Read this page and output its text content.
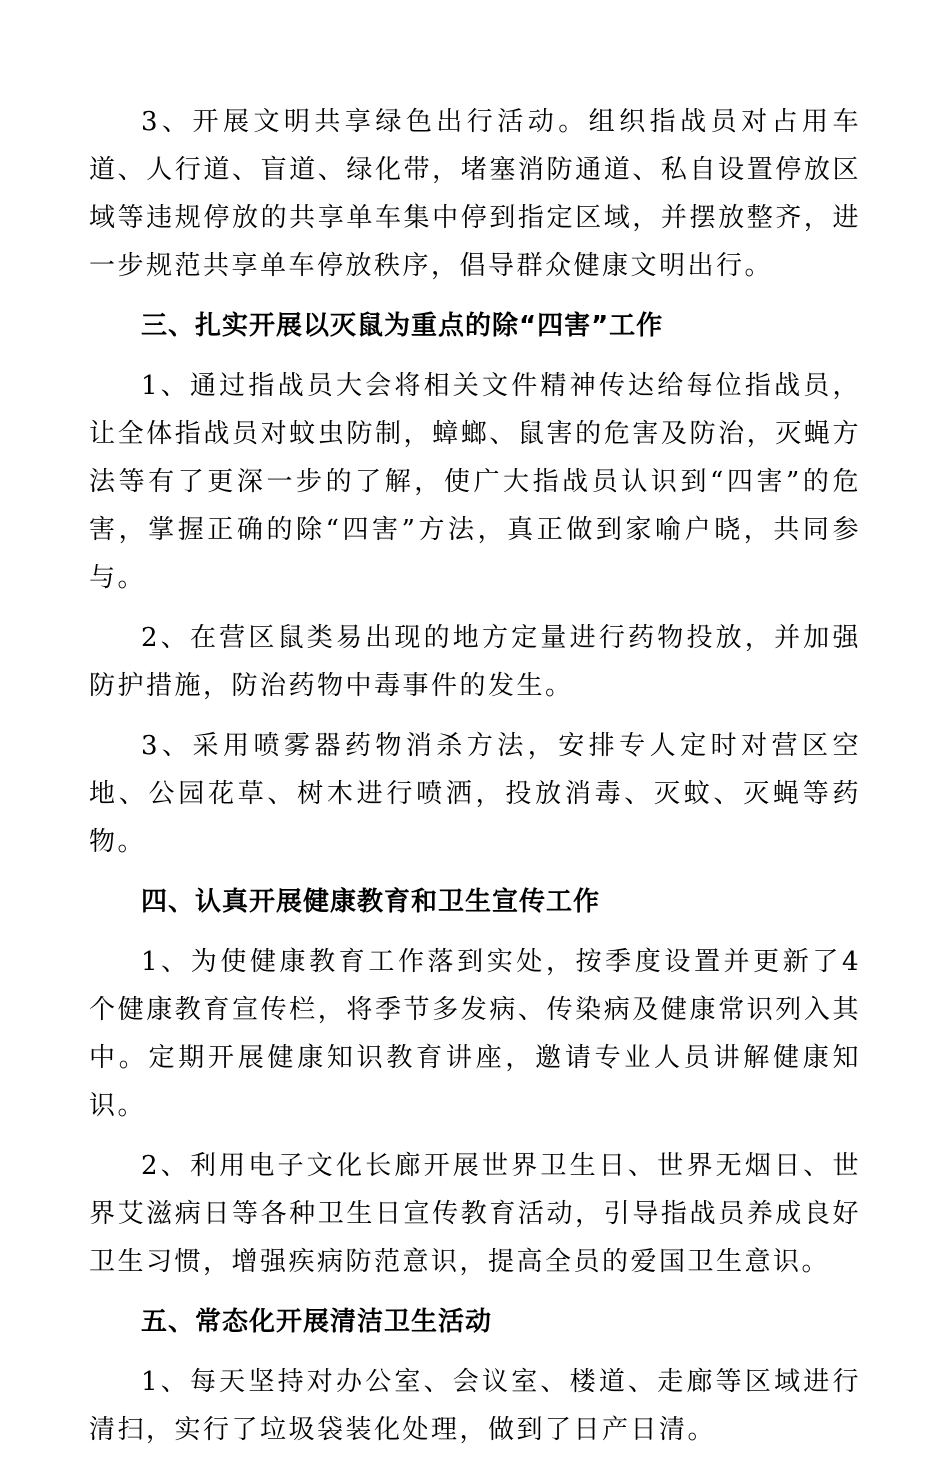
3、开展文明共享绿色出行活动。组织指战员对占用车道、人行道、盲道、绿化带，堵塞消防通道、私自设置停放区域等违规停放的共享单车集中停到指定区域，并摆放整齐，进一步规范共享单车停放秩序，倡导群众健康文明出行。

三、扎实开展以灭鼠为重点的除“四害”工作

1、通过指战员大会将相关文件精神传达给每位指战员，让全体指战员对蚊虫防制，蟑螂、鼠害的危害及防治，灭蝇方法等有了更深一步的了解，使广大指战员认识到“四害”的危害，掌握正确的除“四害”方法，真正做到家喻户晓，共同参与。

2、在营区鼠类易出现的地方定量进行药物投放，并加强防护措施，防治药物中毒事件的发生。

3、采用喷雾器药物消杀方法，安排专人定时对营区空地、公园花草、树木进行喷洒，投放消毒、灭蚊、灭蝇等药物。

四、认真开展健康教育和卫生宣传工作

1、为使健康教育工作落到实处，按季度设置并更新了4个健康教育宣传栏，将季节多发病、传染病及健康常识列入其中。定期开展健康知识教育讲座，邀请专业人员讲解健康知识。

2、利用电子文化长廊开展世界卫生日、世界无烟日、世界艾滋病日等各种卫生日宣传教育活动，引导指战员养成良好卫生习惯，增强疾病防范意识，提高全员的爱国卫生意识。

五、常态化开展清洁卫生活动

1、每天坚持对办公室、会议室、楼道、走廊等区域进行清扫，实行了垃圾袋装化处理，做到了日产日清。
